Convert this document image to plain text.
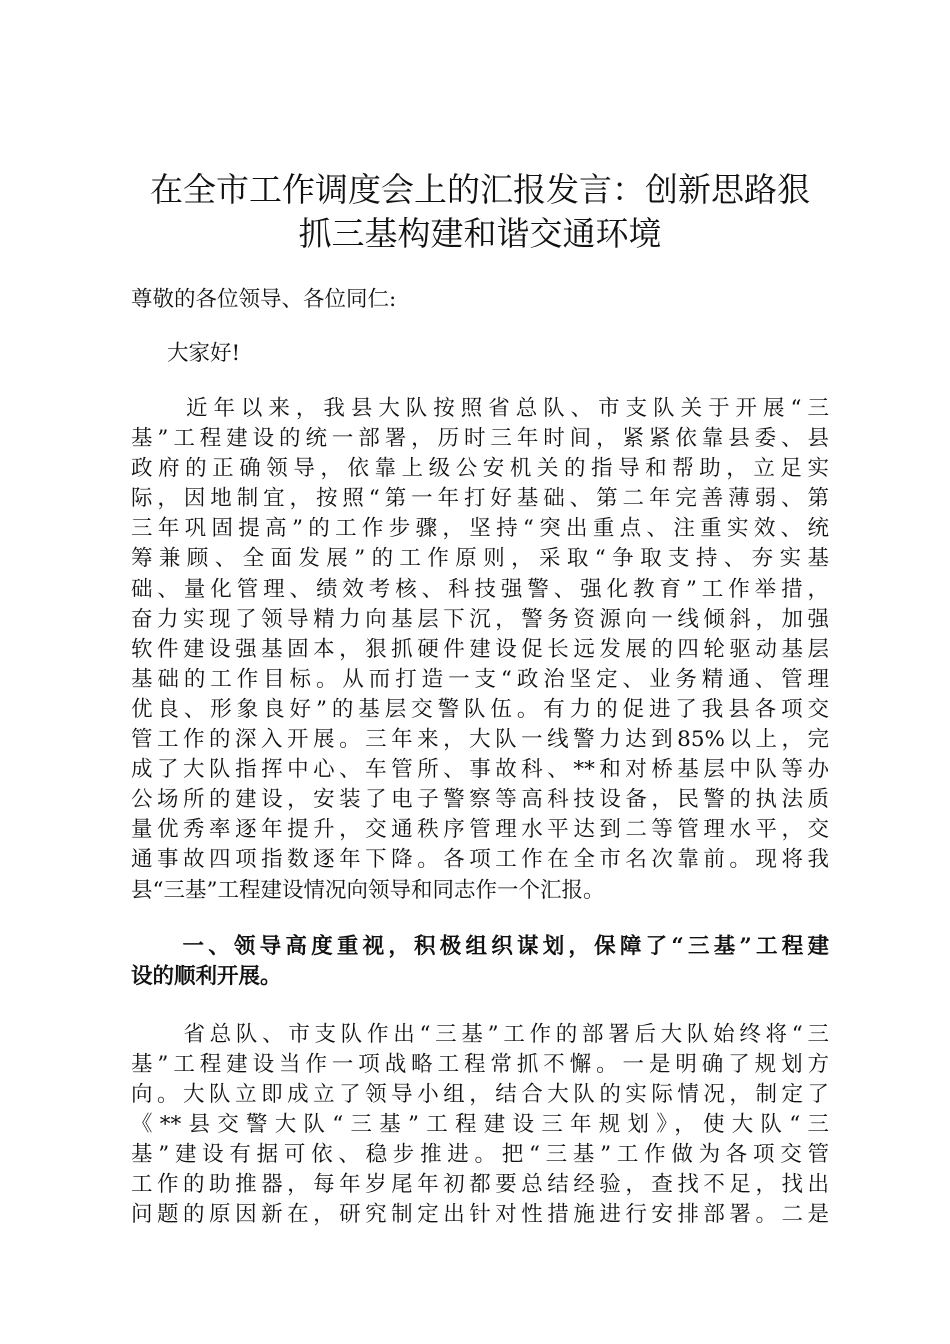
在全市工作调度会上的汇报发言：创新思路狠
抓三基构建和谐交通环境

尊敬的各位领导、各位同仁:

大家好!

　　近年以来，我县大队按照省总队、市支队关于开展“三
基”工程建设的统一部署，历时三年时间，紧紧依靠县委、县
政府的正确领导，依靠上级公安机关的指导和帮助，立足实
际，因地制宜，按照“第一年打好基础、第二年完善薄弱、第
三年巩固提高”的工作步骤，坚持“突出重点、注重实效、统
筹兼顾、全面发展”的工作原则，采取“争取支持、夯实基
础、量化管理、绩效考核、科技强警、强化教育”工作举措，
奋力实现了领导精力向基层下沉，警务资源向一线倾斜，加强
软件建设强基固本，狠抓硬件建设促长远发展的四轮驱动基层
基础的工作目标。从而打造一支“政治坚定、业务精通、管理
优良、形象良好”的基层交警队伍。有力的促进了我县各项交
管工作的深入开展。三年来，大队一线警力达到85%以上，完
成了大队指挥中心、车管所、事故科、**和对桥基层中队等办
公场所的建设，安装了电子警察等高科技设备，民警的执法质
量优秀率逐年提升，交通秩序管理水平达到二等管理水平，交
通事故四项指数逐年下降。各项工作在全市名次靠前。现将我
县“三基”工程建设情况向领导和同志作一个汇报。

　　一、领导高度重视，积极组织谋划，保障了“三基”工程建
设的顺利开展。

　　省总队、市支队作出“三基”工作的部署后大队始终将“三
基”工程建设当作一项战略工程常抓不懈。一是明确了规划方
向。大队立即成立了领导小组，结合大队的实际情况，制定了
《**县交警大队“三基”工程建设三年规划》，使大队“三
基”建设有据可依、稳步推进。把“三基”工作做为各项交管
工作的助推器，每年岁尾年初都要总结经验，查找不足，找出
问题的原因新在，研究制定出针对性措施进行安排部署。二是
